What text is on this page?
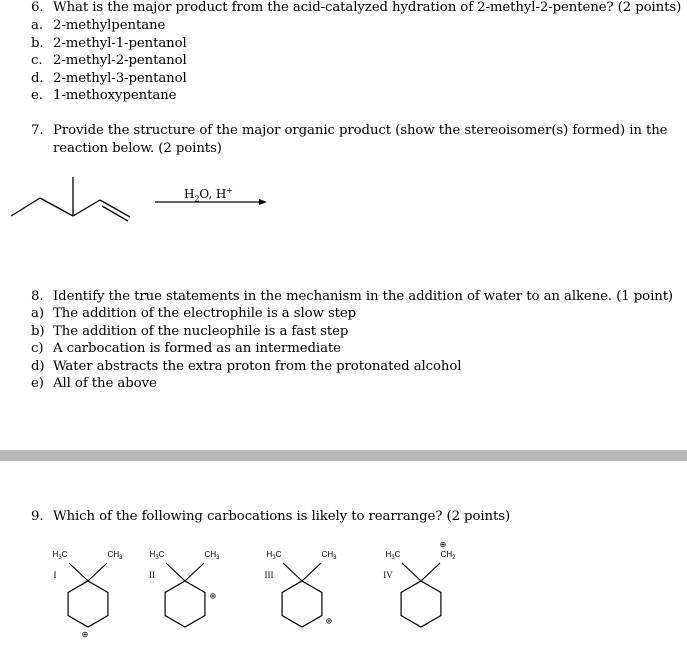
6. What is the major product from the acid-catalyzed hydration of 2-methyl-2-pentene? (2 points)
a. 2-methylpentane
b. 2-methyl-1-pentanol
c. 2-methyl-2-pentanol
d. 2-methyl-3-pentanol
e. 1-methoxypentane
7. Provide the structure of the major organic product (show the stereoisomer(s) formed) in the
reaction below. (2 points)
$H_2O$, H+
8. Identify the true statements in the mechanism in the addition of water to an alkene. (1 point)
a) The addition of the electrophile is a slow step
b) The addition of the nucleophile is a fast step
c) A carbocation is formed as an intermediate
d) Water abstracts the extra proton from the protonated alcohol
e) All of the above
9. Which of the following carbocations is likely to rearrange? (2 points)
$H_3C$	$CH_3$
I
⊕
$H_3C$	$CH_3$
II
⊕
$H_3C$	$CH_3$
III
⊕
$H_3C$	$CH_2$
IV
⊕
